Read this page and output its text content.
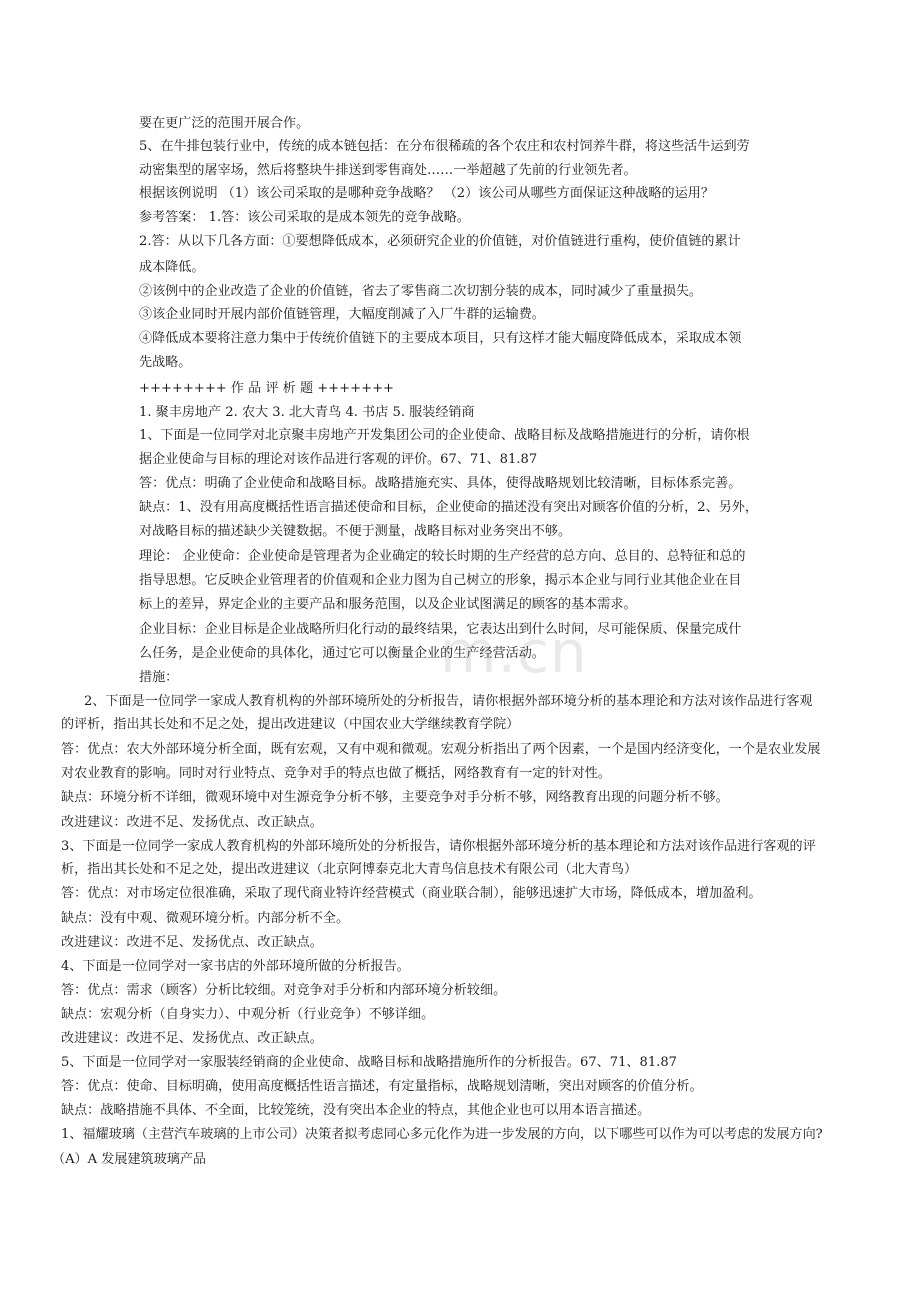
m.cn
要在更广泛的范围开展合作。
5、在牛排包装行业中，传统的成本链包括：在分布很稀疏的各个农庄和农村饲养牛群，将这些活牛运到劳
动密集型的屠宰场，然后将整块牛排送到零售商处……一举超越了先前的行业领先者。
根据该例说明 （1）该公司采取的是哪种竞争战略？ （2）该公司从哪些方面保证这种战略的运用？
参考答案： 1.答：该公司采取的是成本领先的竞争战略。
2.答：从以下几各方面：①要想降低成本，必须研究企业的价值链，对价值链进行重构，使价值链的累计
成本降低。
②该例中的企业改造了企业的价值链，省去了零售商二次切割分装的成本，同时减少了重量损失。
③该企业同时开展内部价值链管理，大幅度削减了入厂牛群的运输费。
④降低成本要将注意力集中于传统价值链下的主要成本项目，只有这样才能大幅度降低成本，采取成本领
先战略。
++++++++ 作 品 评 析 题 +++++++
1. 聚丰房地产 2. 农大 3. 北大青鸟 4. 书店 5. 服装经销商
1、下面是一位同学对北京聚丰房地产开发集团公司的企业使命、战略目标及战略措施进行的分析，请你根
据企业使命与目标的理论对该作品进行客观的评价。67、71、81.87
答：优点：明确了企业使命和战略目标。战略措施充实、具体，使得战略规划比较清晰，目标体系完善。
缺点：1、没有用高度概括性语言描述使命和目标，企业使命的描述没有突出对顾客价值的分析，2、另外，
对战略目标的描述缺少关键数据。不便于测量，战略目标对业务突出不够。
理论： 企业使命：企业使命是管理者为企业确定的较长时期的生产经营的总方向、总目的、总特征和总的
指导思想。它反映企业管理者的价值观和企业力图为自己树立的形象，揭示本企业与同行业其他企业在目
标上的差异，界定企业的主要产品和服务范围，以及企业试图满足的顾客的基本需求。
企业目标：企业目标是企业战略所归化行动的最终结果，它表达出到什么时间，尽可能保质、保量完成什
么任务，是企业使命的具体化，通过它可以衡量企业的生产经营活动。
措施：
2、下面是一位同学一家成人教育机构的外部环境所处的分析报告，请你根据外部环境分析的基本理论和方法对该作品进行客观
的评析，指出其长处和不足之处，提出改进建议（中国农业大学继续教育学院）
答：优点：农大外部环境分析全面，既有宏观，又有中观和微观。宏观分析指出了两个因素，一个是国内经济变化，一个是农业发展
对农业教育的影响。同时对行业特点、竞争对手的特点也做了概括，网络教育有一定的针对性。
缺点：环境分析不详细，微观环境中对生源竞争分析不够，主要竞争对手分析不够，网络教育出现的问题分析不够。
改进建议：改进不足、发扬优点、改正缺点。
3、下面是一位同学一家成人教育机构的外部环境所处的分析报告，请你根据外部环境分析的基本理论和方法对该作品进行客观的评
析，指出其长处和不足之处，提出改进建议（北京阿博泰克北大青鸟信息技术有限公司（北大青鸟）
答：优点：对市场定位很准确，采取了现代商业特许经营模式（商业联合制），能够迅速扩大市场，降低成本，增加盈利。
缺点：没有中观、微观环境分析。内部分析不全。
改进建议：改进不足、发扬优点、改正缺点。
4、下面是一位同学对一家书店的外部环境所做的分析报告。
答：优点：需求（顾客）分析比较细。对竞争对手分析和内部环境分析较细。
缺点：宏观分析（自身实力）、中观分析（行业竞争）不够详细。
改进建议：改进不足、发扬优点、改正缺点。
5、下面是一位同学对一家服装经销商的企业使命、战略目标和战略措施所作的分析报告。67、71、81.87
答：优点：使命、目标明确，使用高度概括性语言描述，有定量指标，战略规划清晰，突出对顾客的价值分析。
缺点：战略措施不具体、不全面，比较笼统，没有突出本企业的特点，其他企业也可以用本语言描述。
1、福耀玻璃（主营汽车玻璃的上市公司）决策者拟考虑同心多元化作为进一步发展的方向，以下哪些可以作为可以考虑的发展方向?
（A）A 发展建筑玻璃产品
